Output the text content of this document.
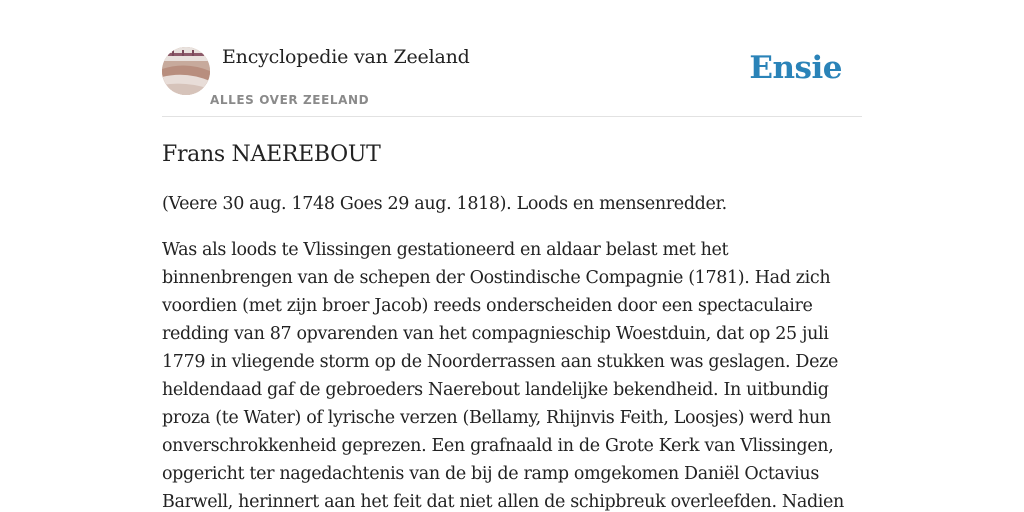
Encyclopedie van Zeeland
ALLES OVER ZEELAND
Ensie
Frans NAEREBOUT

(Veere 30 aug. 1748 Goes 29 aug. 1818). Loods en mensenredder.

Was als loods te Vlissingen gestationeerd en aldaar belast met het
binnenbrengen van de schepen der Oostindische Compagnie (1781). Had zich
voordien (met zijn broer Jacob) reeds onderscheiden door een spectaculaire
redding van 87 opvarenden van het compagnieschip Woestduin, dat op 25 juli
1779 in vliegende storm op de Noorderrassen aan stukken was geslagen. Deze
heldendaad gaf de gebroeders Naerebout landelijke bekendheid. In uitbundig
proza (te Water) of lyrische verzen (Bellamy, Rhijnvis Feith, Loosjes) werd hun
onverschrokkenheid geprezen. Een grafnaald in de Grote Kerk van Vlissingen,
opgericht ter nagedachtenis van de bij de ramp omgekomen Daniël Octavius
Barwell, herinnert aan het feit dat niet allen de schipbreuk overleefden. Nadien
